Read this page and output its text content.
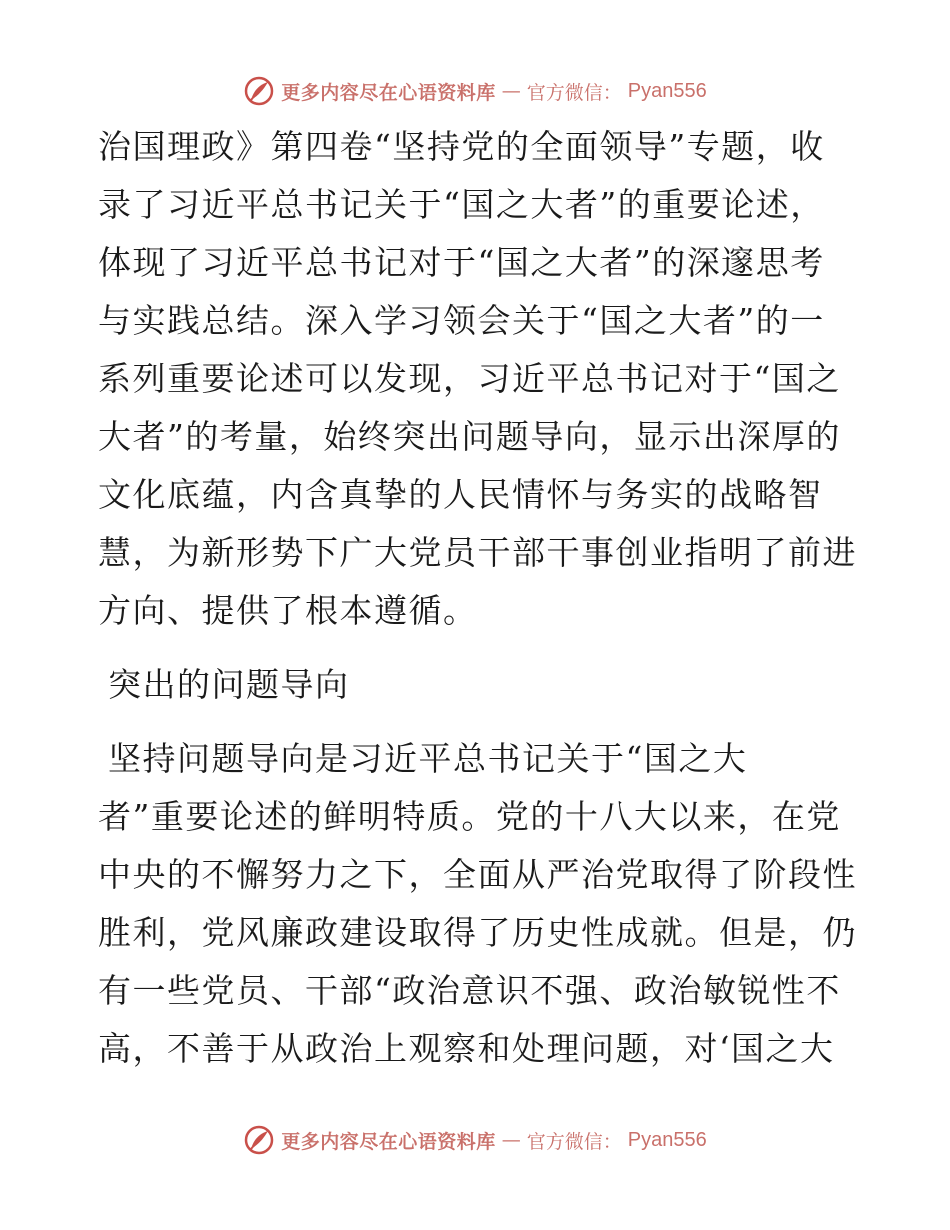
更多内容尽在心语资料库 — 官方微信： Pyan556
治国理政》第四卷“坚持党的全面领导”专题，收
录了习近平总书记关于“国之大者”的重要论述，
体现了习近平总书记对于“国之大者”的深邃思考
与实践总结。深入学习领会关于“国之大者”的一
系列重要论述可以发现，习近平总书记对于“国之
大者”的考量，始终突出问题导向，显示出深厚的
文化底蕴，内含真挚的人民情怀与务实的战略智
慧，为新形势下广大党员干部干事创业指明了前进
方向、提供了根本遵循。
突出的问题导向
坚持问题导向是习近平总书记关于“国之大
者”重要论述的鲜明特质。党的十八大以来，在党
中央的不懈努力之下，全面从严治党取得了阶段性
胜利，党风廉政建设取得了历史性成就。但是，仍
有一些党员、干部“政治意识不强、政治敏锐性不
高，不善于从政治上观察和处理问题，对‘国之大
更多内容尽在心语资料库 — 官方微信： Pyan556
